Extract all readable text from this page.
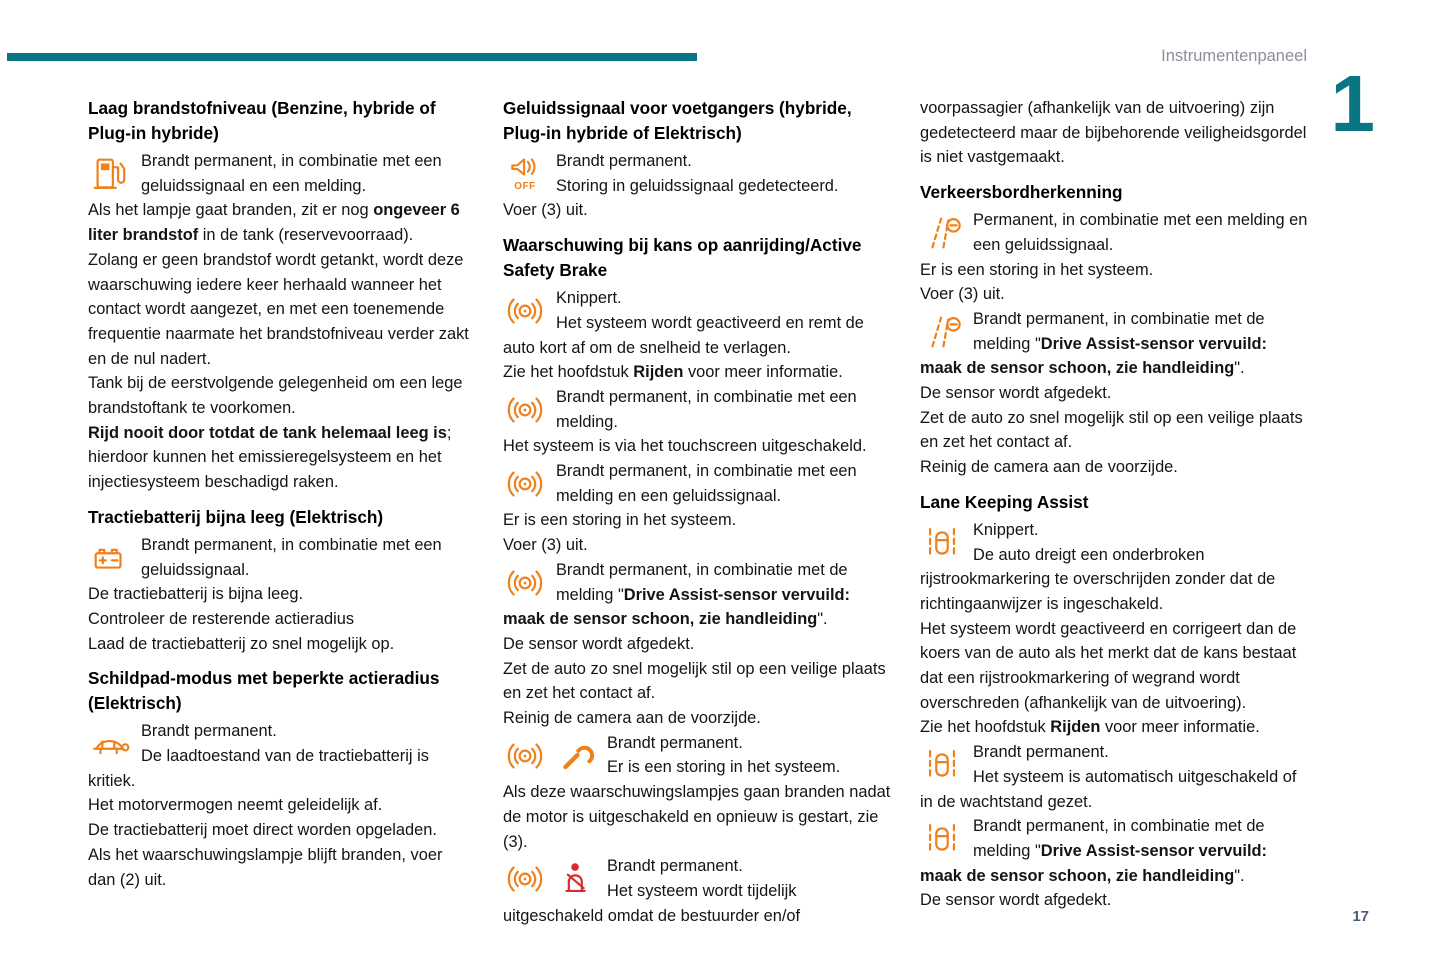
Instrumentenpaneel
1
17
Laag brandstofniveau (Benzine, hybride of Plug-in hybride)

Brandt permanent, in combinatie met een geluidssignaal en een melding.

Als het lampje gaat branden, zit er nog ongeveer 6 liter brandstof in de tank (reservevoorraad).

Zolang er geen brandstof wordt getankt, wordt deze waarschuwing iedere keer herhaald wanneer het contact wordt aangezet, en met een toenemende frequentie naarmate het brandstofniveau verder zakt en de nul nadert.

Tank bij de eerstvolgende gelegenheid om een lege brandstoftank te voorkomen.

Rijd nooit door totdat de tank helemaal leeg is; hierdoor kunnen het emissieregelsysteem en het injectiesysteem beschadigd raken.

Tractiebatterij bijna leeg (Elektrisch)

Brandt permanent, in combinatie met een geluidssignaal.

De tractiebatterij is bijna leeg.

Controleer de resterende actieradius

Laad de tractiebatterij zo snel mogelijk op.

Schildpad-modus met beperkte actieradius (Elektrisch)

Brandt permanent.

De laadtoestand van de tractiebatterij is kritiek.

Het motorvermogen neemt geleidelijk af.

De tractiebatterij moet direct worden opgeladen.

Als het waarschuwingslampje blijft branden, voer dan (2) uit.

Geluidssignaal voor voetgangers (hybride, Plug-in hybride of Elektrisch)

OFF
Brandt permanent.

Storing in geluidssignaal gedetecteerd.

Voer (3) uit.

Waarschuwing bij kans op aanrijding/Active Safety Brake

Knippert.

Het systeem wordt geactiveerd en remt de auto kort af om de snelheid te verlagen.

Zie het hoofdstuk Rijden voor meer informatie.

Brandt permanent, in combinatie met een melding.

Het systeem is via het touchscreen uitgeschakeld.

Brandt permanent, in combinatie met een melding en een geluidssignaal.

Er is een storing in het systeem.

Voer (3) uit.

Brandt permanent, in combinatie met de melding "Drive Assist-sensor vervuild: maak de sensor schoon, zie handleiding".

De sensor wordt afgedekt.

Zet de auto zo snel mogelijk stil op een veilige plaats en zet het contact af.

Reinig de camera aan de voorzijde.

Brandt permanent.

Er is een storing in het systeem.

Als deze waarschuwingslampjes gaan branden nadat de motor is uitgeschakeld en opnieuw is gestart, zie (3).

Brandt permanent.

Het systeem wordt tijdelijk uitgeschakeld omdat de bestuurder en/of

voorpassagier (afhankelijk van de uitvoering) zijn gedetecteerd maar de bijbehorende veiligheidsgordel is niet vastgemaakt.

Verkeersbordherkenning

Permanent, in combinatie met een melding en een geluidssignaal.

Er is een storing in het systeem.

Voer (3) uit.

Brandt permanent, in combinatie met de melding "Drive Assist-sensor vervuild: maak de sensor schoon, zie handleiding".

De sensor wordt afgedekt.

Zet de auto zo snel mogelijk stil op een veilige plaats en zet het contact af.

Reinig de camera aan de voorzijde.

Lane Keeping Assist

Knippert.

De auto dreigt een onderbroken rijstrookmarkering te overschrijden zonder dat de richtingaanwijzer is ingeschakeld.

Het systeem wordt geactiveerd en corrigeert dan de koers van de auto als het merkt dat de kans bestaat dat een rijstrookmarkering of wegrand wordt overschreden (afhankelijk van de uitvoering).

Zie het hoofdstuk Rijden voor meer informatie.

Brandt permanent.

Het systeem is automatisch uitgeschakeld of in de wachtstand gezet.

Brandt permanent, in combinatie met de melding "Drive Assist-sensor vervuild: maak de sensor schoon, zie handleiding".

De sensor wordt afgedekt.
